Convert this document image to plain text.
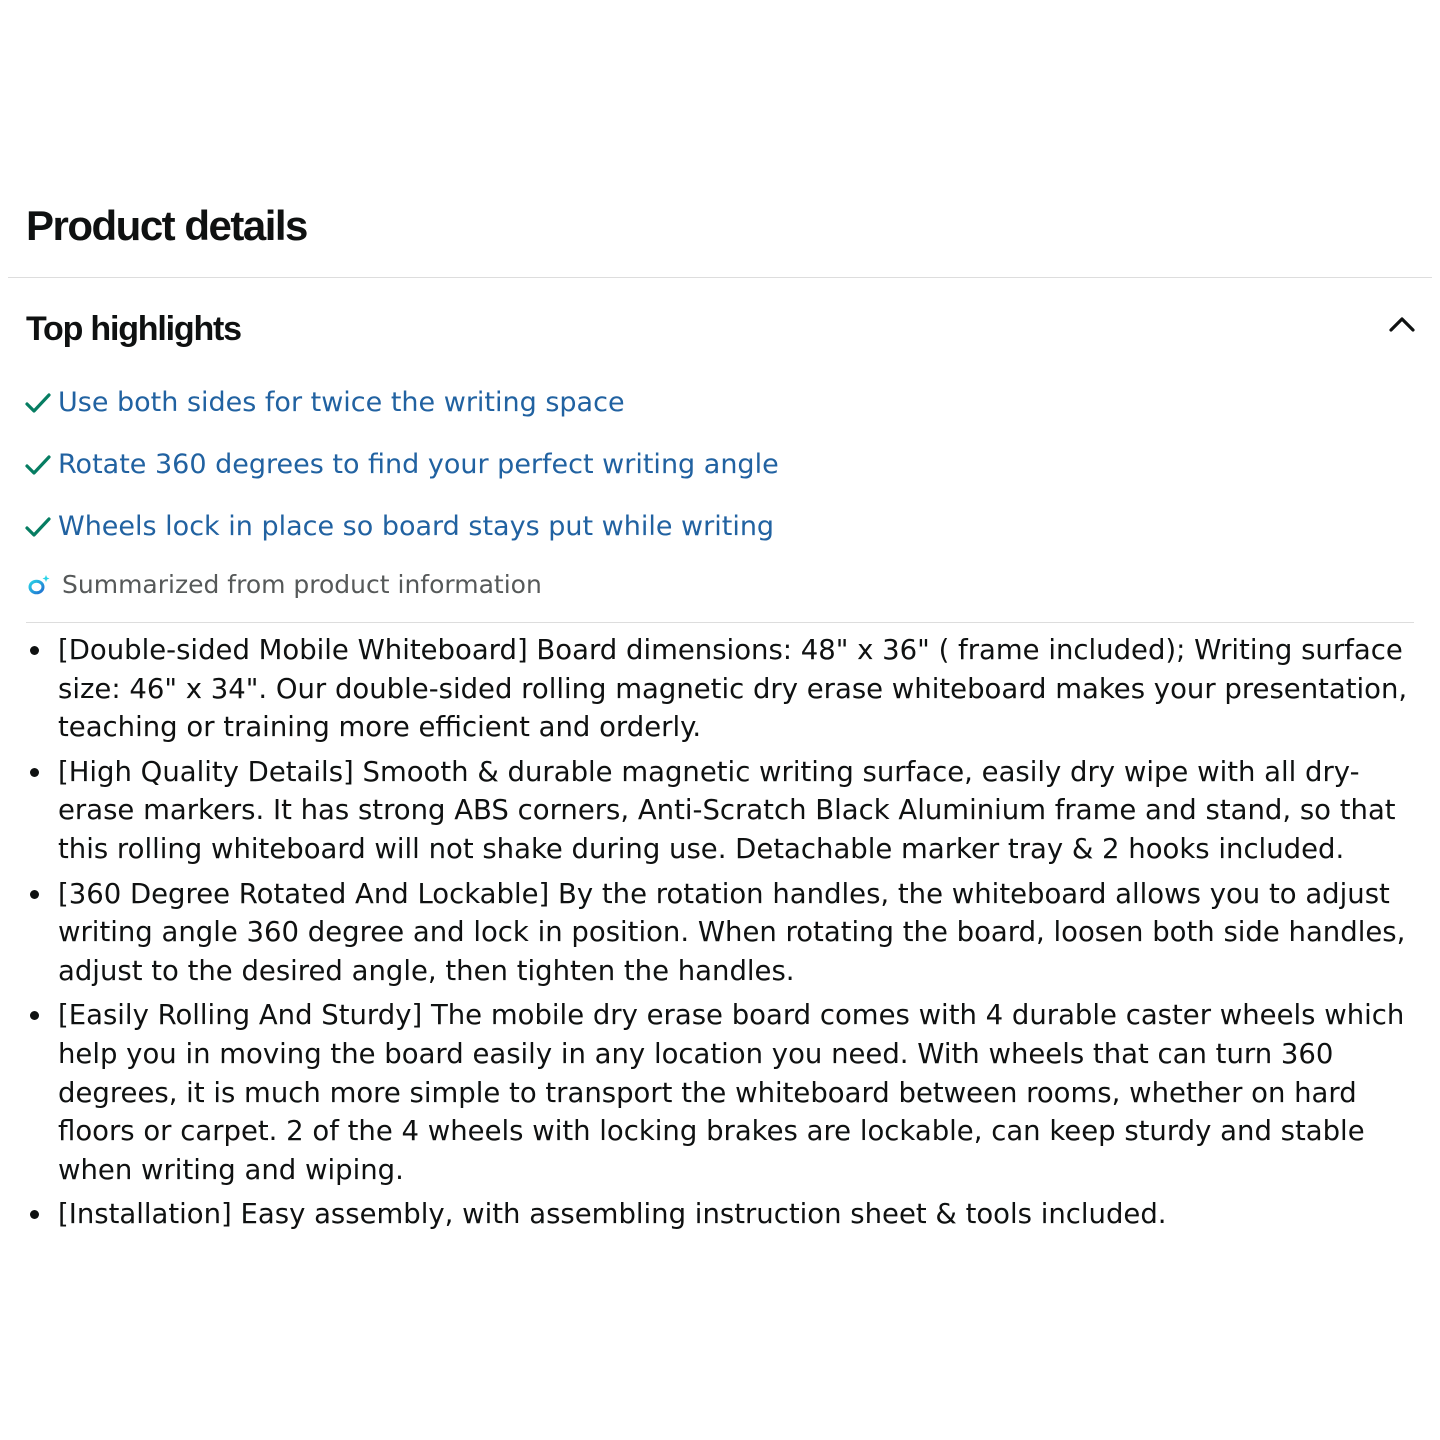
Product details
Top highlights
Use both sides for twice the writing space
Rotate 360 degrees to find your perfect writing angle
Wheels lock in place so board stays put while writing
Summarized from product information
[Double-sided Mobile Whiteboard] Board dimensions: 48" x 36" ( frame included); Writing surface size: 46" x 34". Our double-sided rolling magnetic dry erase whiteboard makes your presentation, teaching or training more efficient and orderly.
[High Quality Details] Smooth & durable magnetic writing surface, easily dry wipe with all dry-erase markers. It has strong ABS corners, Anti-Scratch Black Aluminium frame and stand, so that this rolling whiteboard will not shake during use. Detachable marker tray & 2 hooks included.
[360 Degree Rotated And Lockable] By the rotation handles, the whiteboard allows you to adjust writing angle 360 degree and lock in position. When rotating the board, loosen both side handles, adjust to the desired angle, then tighten the handles.
[Easily Rolling And Sturdy] The mobile dry erase board comes with 4 durable caster wheels which help you in moving the board easily in any location you need. With wheels that can turn 360 degrees, it is much more simple to transport the whiteboard between rooms, whether on hard floors or carpet. 2 of the 4 wheels with locking brakes are lockable, can keep sturdy and stable when writing and wiping.
[Installation] Easy assembly, with assembling instruction sheet & tools included.
